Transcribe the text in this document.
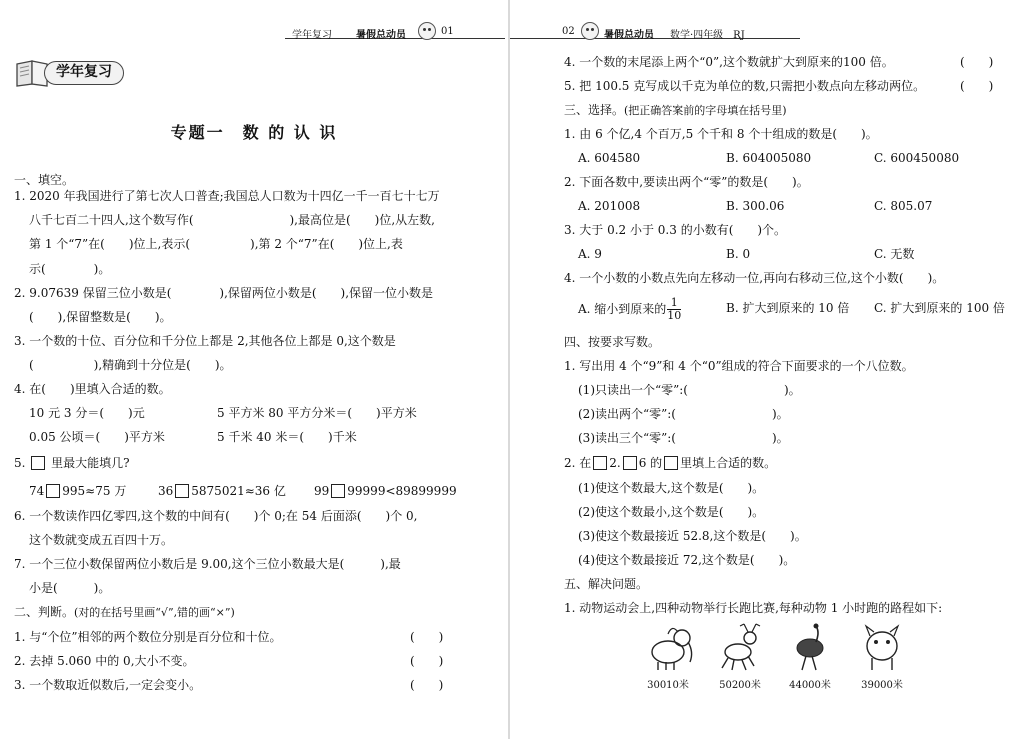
学年复习 暑假总动员	01
学年复习
专题一　数 的 认 识
一、填空。
1. 2020 年我国进行了第七次人口普查;我国总人口数为十四亿一千一百七十七万
八千七百二十四人,这个数写作(　　　　　　　　),最高位是(　　)位,从左数,
第 1 个“7”在(　　)位上,表示(　　　　　),第 2 个“7”在(　　)位上,表
示(　　　　)。
2. 9.07639 保留三位小数是(　　　　),保留两位小数是(　　),保留一位小数是
(　　),保留整数是(　　)。
3. 一个数的十位、百分位和千分位上都是 2,其他各位上都是 0,这个数是
(　　　　　),精确到十分位是(　　)。
4. 在(　　)里填入合适的数。
10 元 3 分＝(　　)元	5 平方米 80 平方分米＝(　　)平方米
0.05 公顷＝(　　)平方米	5 千米 40 米＝(　　)千米
5. 里最大能填几?
74 995≈75 万	36 5875021≈36 亿 99 99999<89899999
6. 一个数读作四亿零四,这个数的中间有(　　)个 0;在 54 后面添(　　)个 0,
这个数就变成五百四十万。
7. 一个三位小数保留两位小数后是 9.00,这个三位小数最大是(　　　),最
小是(　　　)。
二、判断。(对的在括号里画“√”,错的画“×”)
1. 与“个位”相邻的两个数位分别是百分位和十位。	(　　)
2. 去掉 5.060 中的 0,大小不变。	(　　)
3. 一个数取近似数后,一定会变小。	(　　)
02	暑假总动员 数学·四年级　RJ
4. 一个数的末尾添上两个“0”,这个数就扩大到原来的100 倍。	(　　)
5. 把 100.5 克写成以千克为单位的数,只需把小数点向左移动两位。	(　　)
三、选择。(把正确答案前的字母填在括号里)
1. 由 6 个亿,4 个百万,5 个千和 8 个十组成的数是(　　)。
A. 604580	B. 604005080	C. 600450080
2. 下面各数中,要读出两个“零”的数是(　　)。
A. 201008	B. 300.06	C. 805.07
3. 大于 0.2 小于 0.3 的小数有(　　)个。
A. 9	B. 0	C. 无数
4. 一个小数的小数点先向左移动一位,再向右移动三位,这个小数(　　)。
A. 缩小到原来的 $\frac{1}{10}$	B. 扩大到原来的 10 倍 C. 扩大到原来的 100 倍
四、按要求写数。
1. 写出用 4 个“9”和 4 个“0”组成的符合下面要求的一个八位数。
(1)只读出一个“零”:(　　　　　　　　)。
(2)读出两个“零”:(　　　　　　　　)。
(3)读出三个“零”:(　　　　　　　　)。
2. 在 2. 6 的 里填上合适的数。
(1)使这个数最大,这个数是(　　)。
(2)使这个数最小,这个数是(　　)。
(3)使这个数最接近 52.8,这个数是(　　)。
(4)使这个数最接近 72,这个数是(　　)。
五、解决问题。
1. 动物运动会上,四种动物举行长跑比赛,每种动物 1 小时跑的路程如下:
30010米	50200米	44000米	39000米
